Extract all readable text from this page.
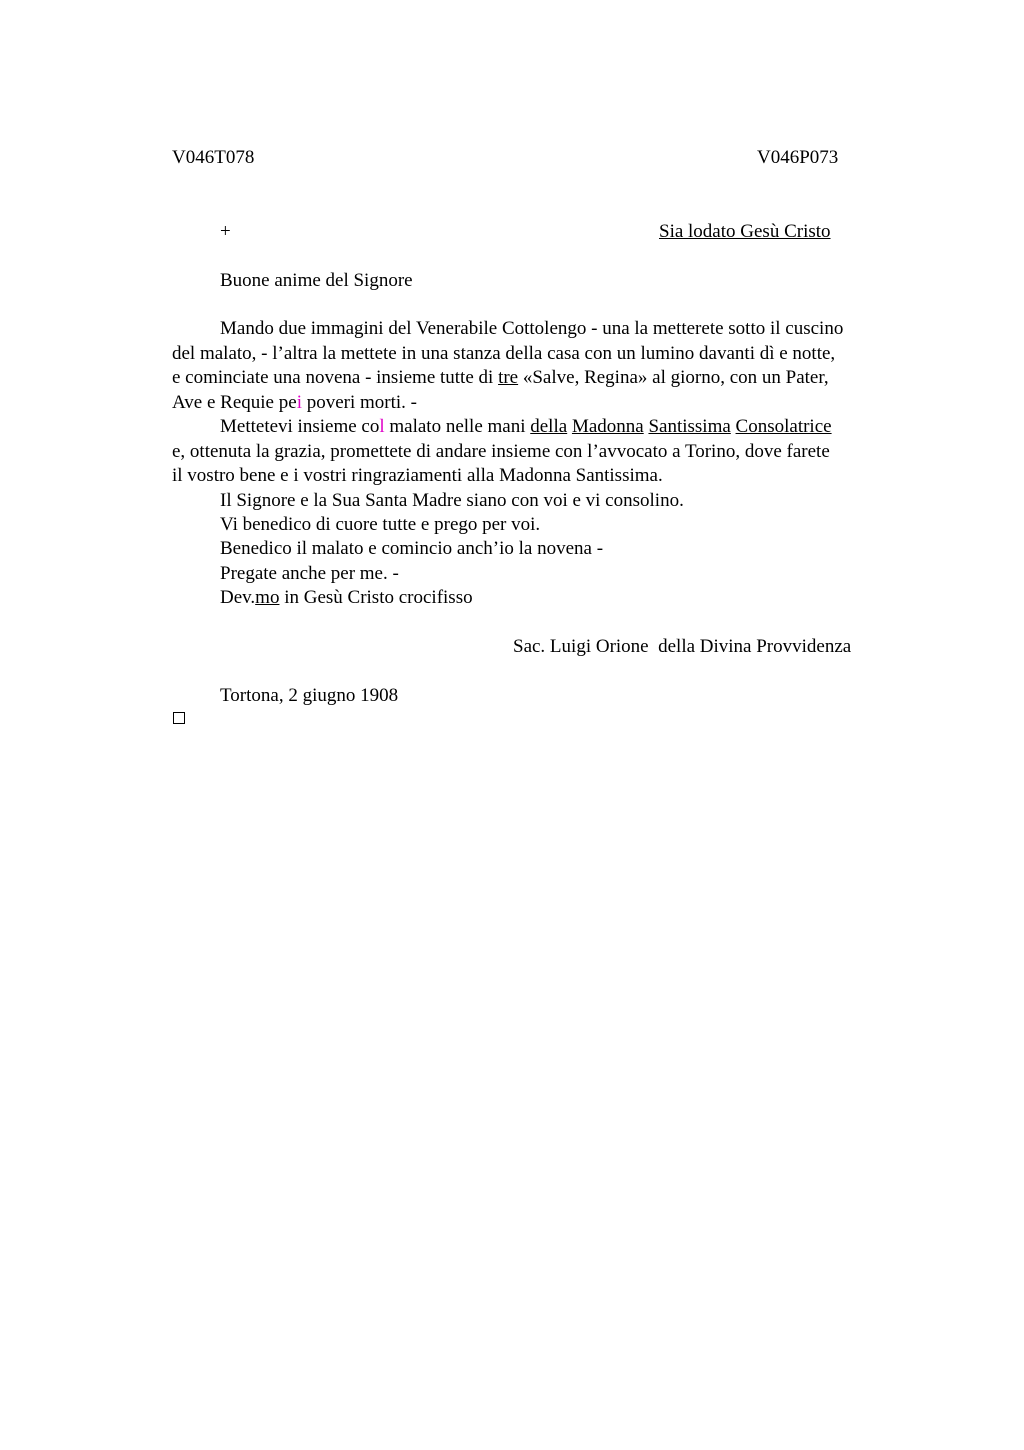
V046T078	V046P073
+	Sia lodato Gesù Cristo
Buone anime del Signore
Mando due immagini del Venerabile Cottolengo - una la metterete sotto il cuscino
del malato, - l’altra la mettete in una stanza della casa con un lumino davanti dì e notte,
e cominciate una novena - insieme tutte di tre «Salve, Regina» al giorno, con un Pater,
Ave e Requie pei poveri morti. -
Mettetevi insieme col malato nelle mani della Madonna Santissima Consolatrice
e, ottenuta la grazia, promettete di andare insieme con l’avvocato a Torino, dove farete
il vostro bene e i vostri ringraziamenti alla Madonna Santissima.
Il Signore e la Sua Santa Madre siano con voi e vi consolino.
Vi benedico di cuore tutte e prego per voi.
Benedico il malato e comincio anch’io la novena -
Pregate anche per me. -
Dev.mo in Gesù Cristo crocifisso
Sac. Luigi Orione  della Divina Provvidenza
Tortona, 2 giugno 1908
